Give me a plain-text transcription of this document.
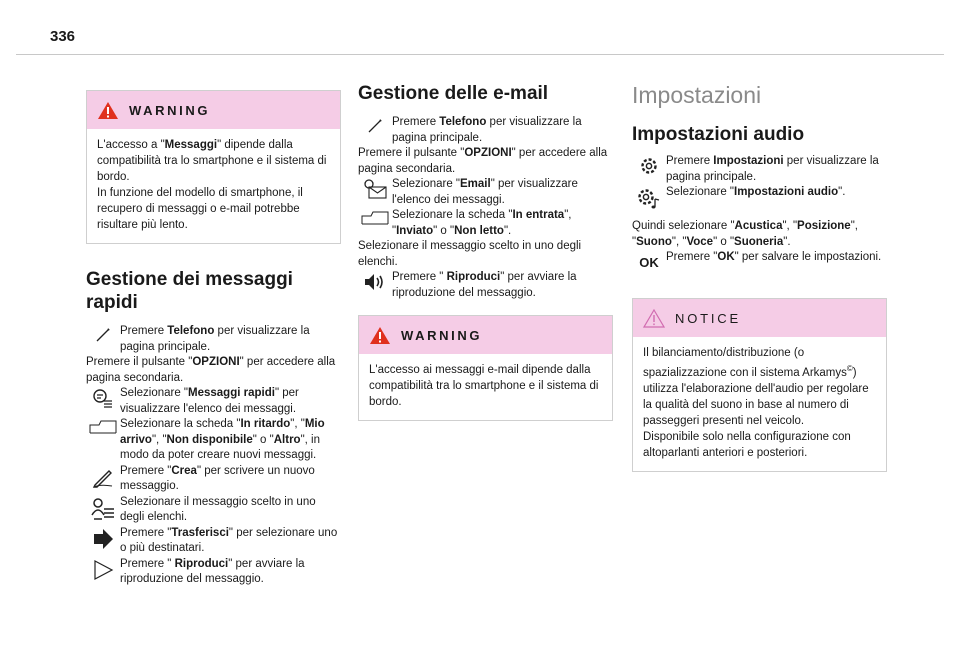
336
WARNING
L'accesso a "Messaggi" dipende dalla compatibilità tra lo smartphone e il sistema di bordo.
In funzione del modello di smartphone, il recupero di messaggi o e-mail potrebbe risultare più lento.
Gestione dei messaggi rapidi
Premere Telefono per visualizzare la pagina principale.
Premere il pulsante "OPZIONI" per accedere alla pagina secondaria.
Selezionare "Messaggi rapidi" per visualizzare l'elenco dei messaggi.
Selezionare la scheda "In ritardo", "Mio arrivo", "Non disponibile" o "Altro", in modo da poter creare nuovi messaggi.
Premere "Crea" per scrivere un nuovo messaggio.
Selezionare il messaggio scelto in uno degli elenchi.
Premere "Trasferisci" per selezionare uno o più destinatari.
Premere " Riproduci" per avviare la riproduzione del messaggio.
Gestione delle e-mail
Premere Telefono per visualizzare la pagina principale.
Premere il pulsante "OPZIONI" per accedere alla pagina secondaria.
Selezionare "Email" per visualizzare l'elenco dei messaggi.
Selezionare la scheda "In entrata", "Inviato" o "Non letto".
Selezionare il messaggio scelto in uno degli elenchi.
Premere " Riproduci" per avviare la riproduzione del messaggio.
WARNING
L'accesso ai messaggi e-mail dipende dalla compatibilità tra lo smartphone e il sistema di bordo.
Impostazioni
Impostazioni audio
Premere Impostazioni per visualizzare la pagina principale.
Selezionare "Impostazioni audio".
Quindi selezionare "Acustica", "Posizione", "Suono", "Voce" o "Suoneria".
OK Premere "OK" per salvare le impostazioni.
NOTICE
Il bilanciamento/distribuzione (o spazializzazione con il sistema Arkamys©) utilizza l'elaborazione dell'audio per regolare la qualità del suono in base al numero di passeggeri presenti nel veicolo.
Disponibile solo nella configurazione con altoparlanti anteriori e posteriori.
